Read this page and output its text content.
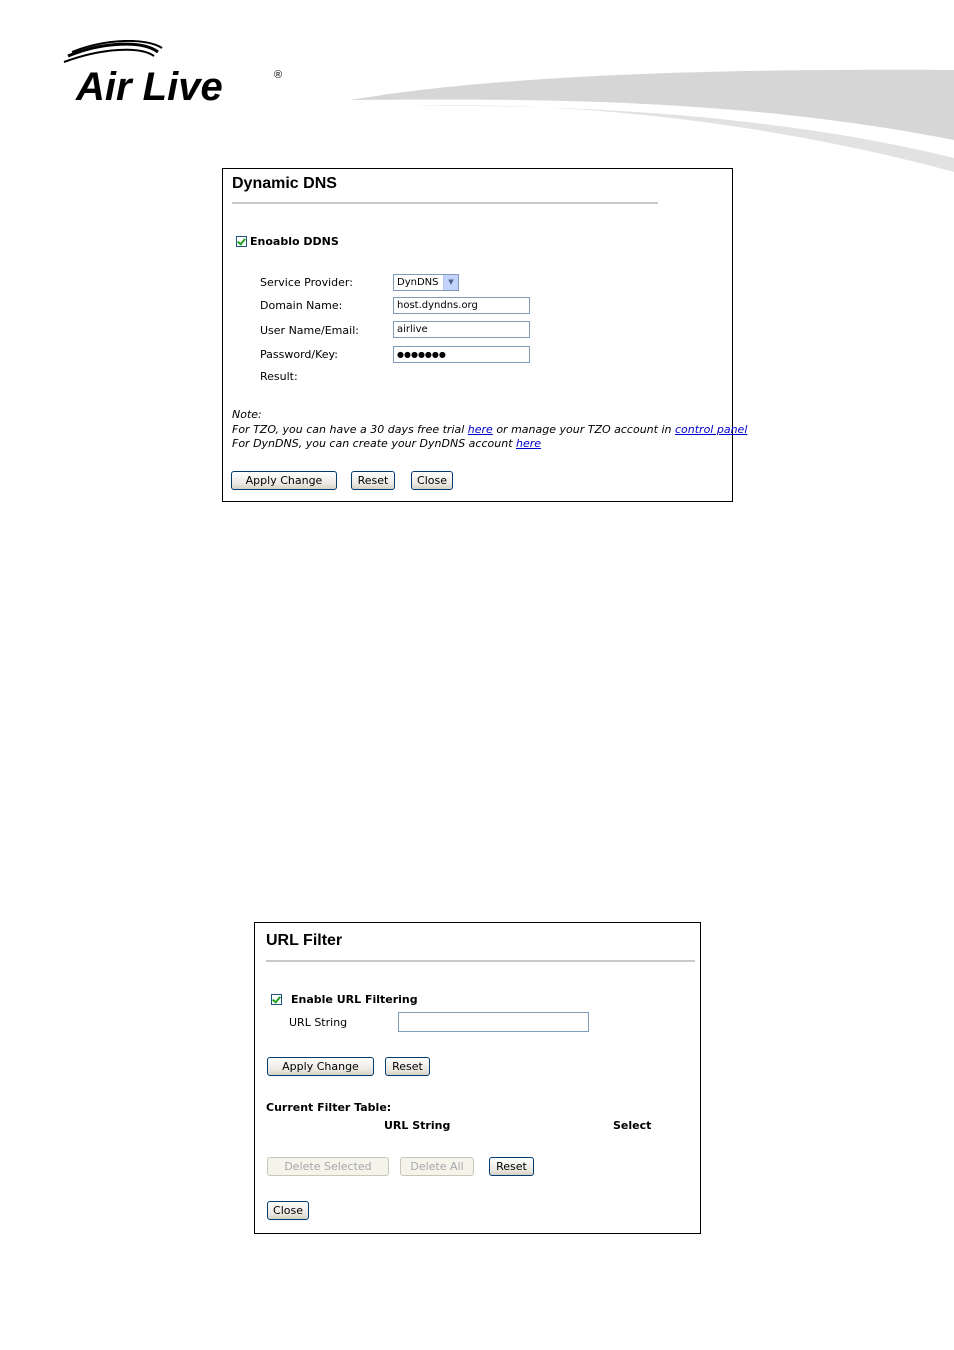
Air Live	®
Dynamic DNS
Enoablo DDNS
Service Provider:	DynDNS	▼
Domain Name:	host.dyndns.org
User Name/Email:	airlive
Password/Key:	●●●●●●●
Result:
Note:
For TZO, you can have a 30 days free trial here or manage your TZO account in control panel
For DynDNS, you can create your DynDNS account here
Apply Change	Reset	Close
URL Filter
Enable URL Filtering
URL String
Apply Change	Reset
Current Filter Table:
URL String	Select
Delete Selected	Delete All	Reset
Close
